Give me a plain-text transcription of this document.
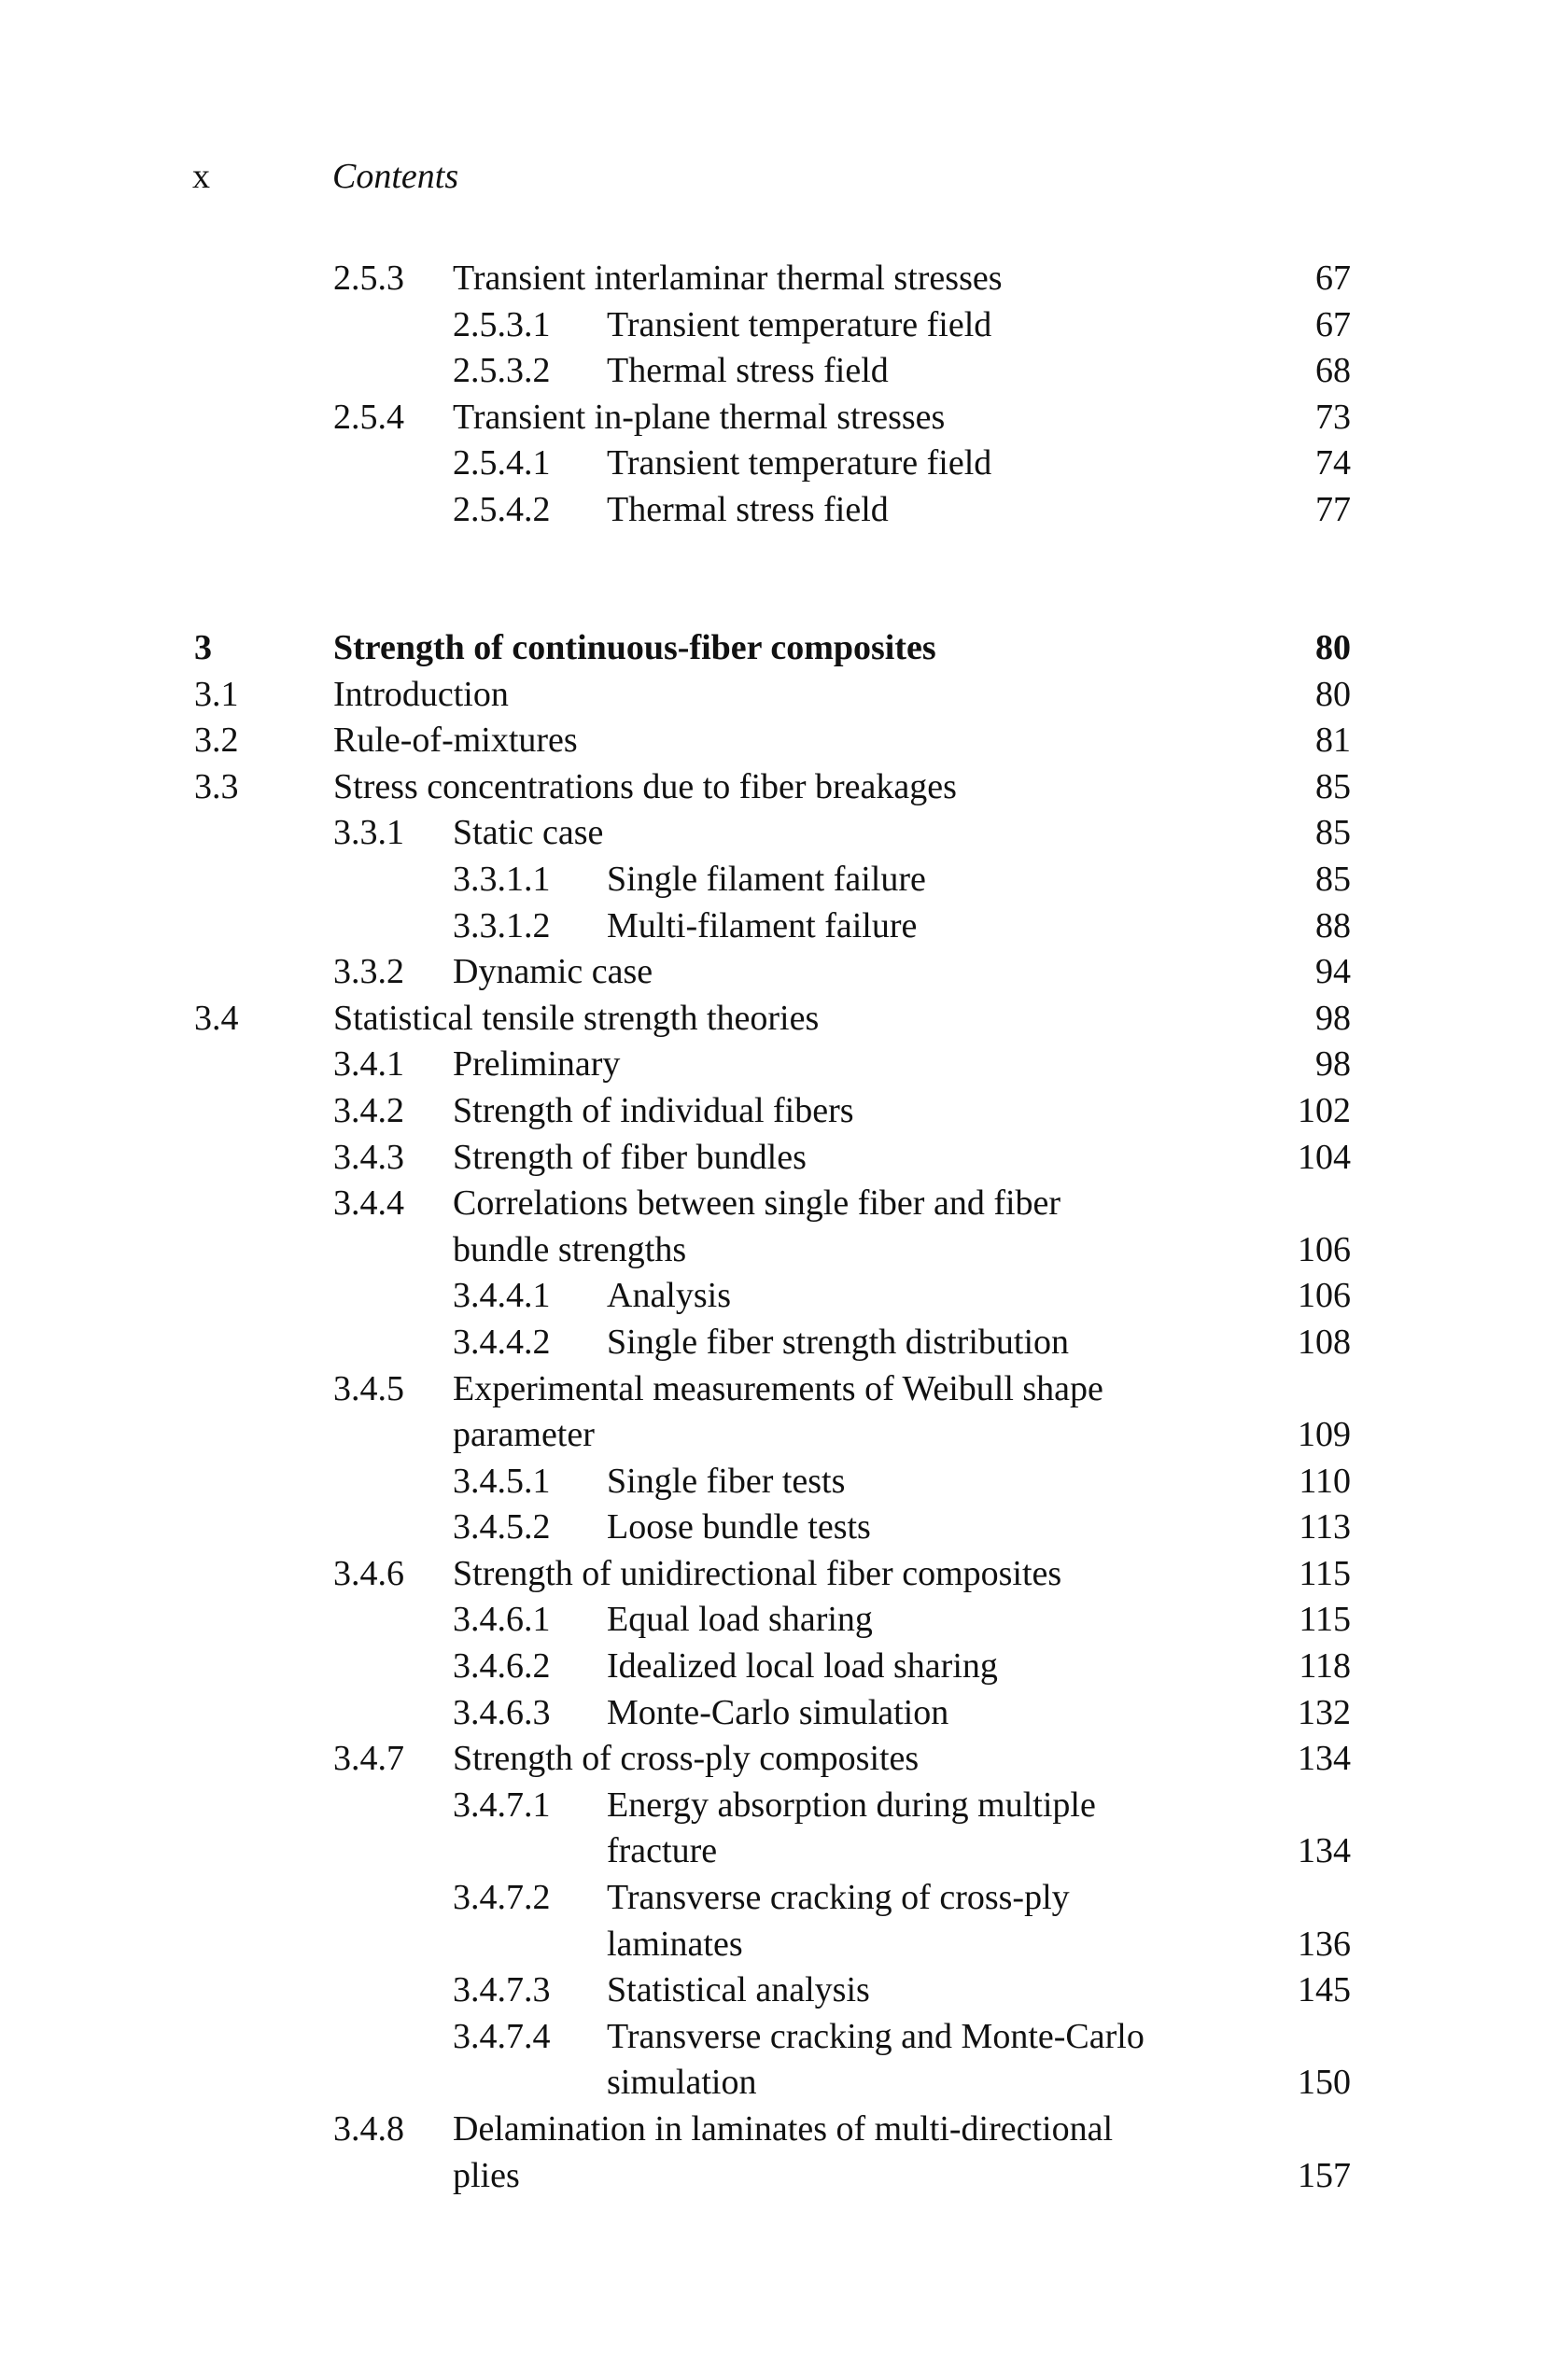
x	Contents
2.5.3 Transient interlaminar thermal stresses	67
2.5.3.1 Transient temperature field	67
2.5.3.2 Thermal stress field	68
2.5.4 Transient in-plane thermal stresses	73
2.5.4.1 Transient temperature field	74
2.5.4.2 Thermal stress field	77
3	Strength of continuous-fiber composites	80
3.1	Introduction	80
3.2	Rule-of-mixtures	81
3.3	Stress concentrations due to fiber breakages	85
3.3.1 Static case	85
3.3.1.1 Single filament failure	85
3.3.1.2 Multi-filament failure	88
3.3.2 Dynamic case	94
3.4	Statistical tensile strength theories	98
3.4.1 Preliminary	98
3.4.2 Strength of individual fibers	102
3.4.3 Strength of fiber bundles	104
3.4.4 Correlations between single fiber and fiber
bundle strengths	106
3.4.4.1 Analysis	106
3.4.4.2 Single fiber strength distribution	108
3.4.5 Experimental measurements of Weibull shape
parameter	109
3.4.5.1 Single fiber tests	110
3.4.5.2 Loose bundle tests	113
3.4.6 Strength of unidirectional fiber composites	115
3.4.6.1 Equal load sharing	115
3.4.6.2 Idealized local load sharing	118
3.4.6.3 Monte-Carlo simulation	132
3.4.7 Strength of cross-ply composites	134
3.4.7.1 Energy absorption during multiple
fracture	134
3.4.7.2 Transverse cracking of cross-ply
laminates	136
3.4.7.3 Statistical analysis	145
3.4.7.4 Transverse cracking and Monte-Carlo
simulation	150
3.4.8 Delamination in laminates of multi-directional
plies	157
